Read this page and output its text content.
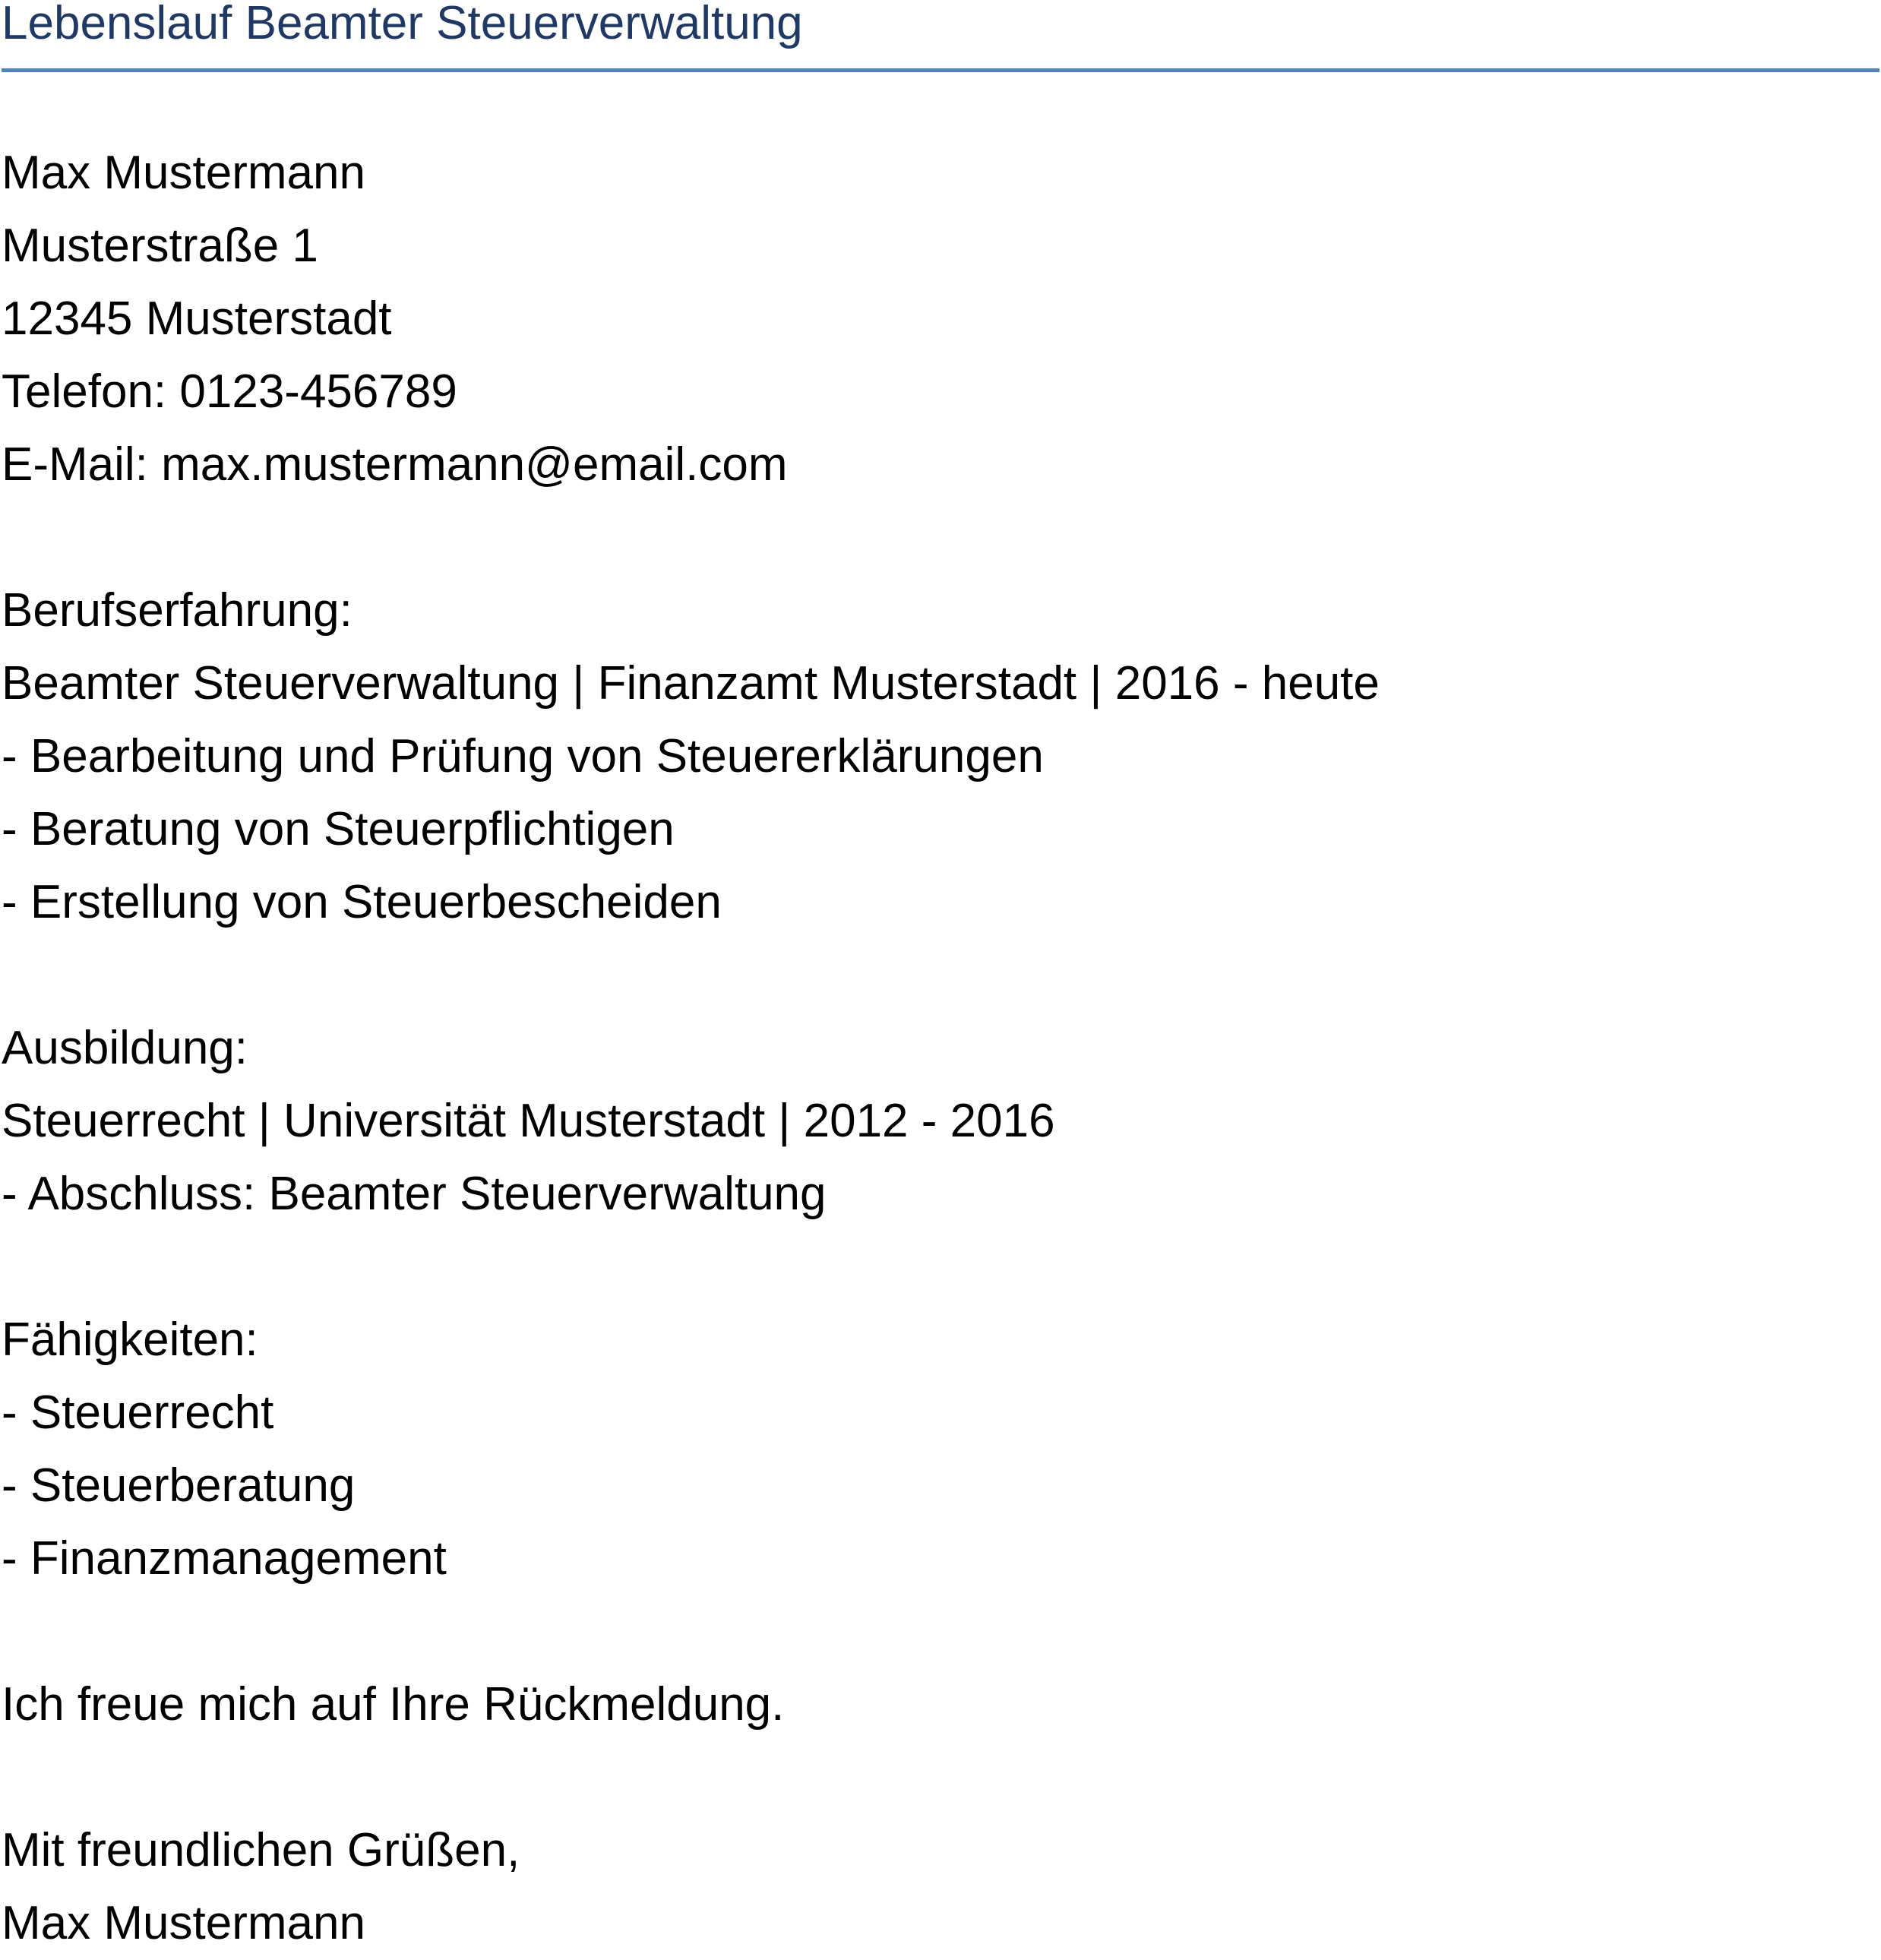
Lebenslauf Beamter Steuerverwaltung
Max Mustermann
Musterstraße 1
12345 Musterstadt
Telefon: 0123-456789
E-Mail: max.mustermann@email.com
Berufserfahrung:
Beamter Steuerverwaltung | Finanzamt Musterstadt | 2016 - heute
- Bearbeitung und Prüfung von Steuererklärungen
- Beratung von Steuerpflichtigen
- Erstellung von Steuerbescheiden
Ausbildung:
Steuerrecht | Universität Musterstadt | 2012 - 2016
- Abschluss: Beamter Steuerverwaltung
Fähigkeiten:
- Steuerrecht
- Steuerberatung
- Finanzmanagement
Ich freue mich auf Ihre Rückmeldung.
Mit freundlichen Grüßen,
Max Mustermann
